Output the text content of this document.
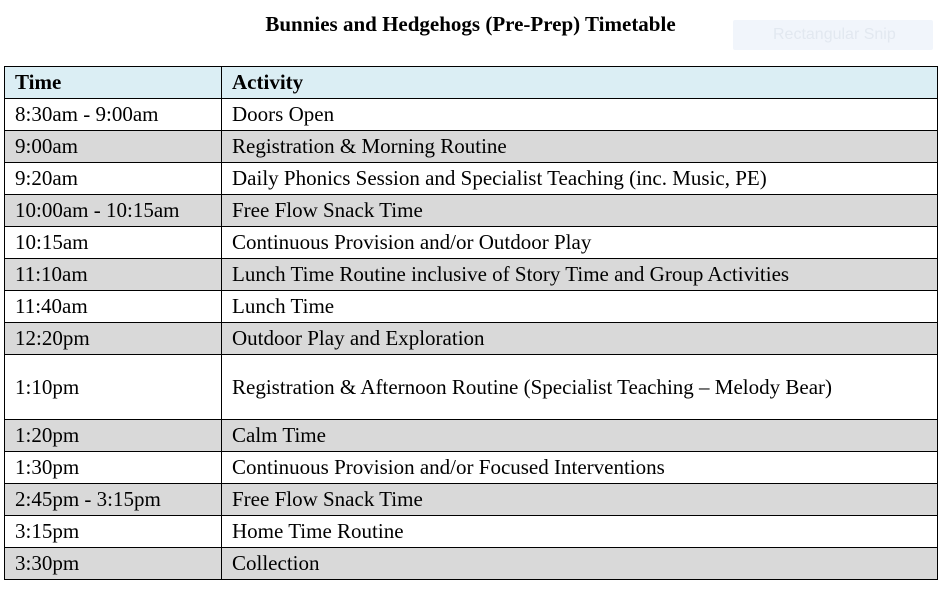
Bunnies and Hedgehogs (Pre-Prep) Timetable	Rectangular Snip
Time	Activity
8:30am - 9:00am	Doors Open
9:00am	Registration & Morning Routine
9:20am	Daily Phonics Session and Specialist Teaching (inc. Music, PE)
10:00am - 10:15am	Free Flow Snack Time
10:15am	Continuous Provision and/or Outdoor Play
11:10am	Lunch Time Routine inclusive of Story Time and Group Activities
11:40am	Lunch Time
12:20pm	Outdoor Play and Exploration
1:10pm	Registration & Afternoon Routine (Specialist Teaching – Melody Bear)
1:20pm	Calm Time
1:30pm	Continuous Provision and/or Focused Interventions
2:45pm - 3:15pm	Free Flow Snack Time
3:15pm	Home Time Routine
3:30pm	Collection
